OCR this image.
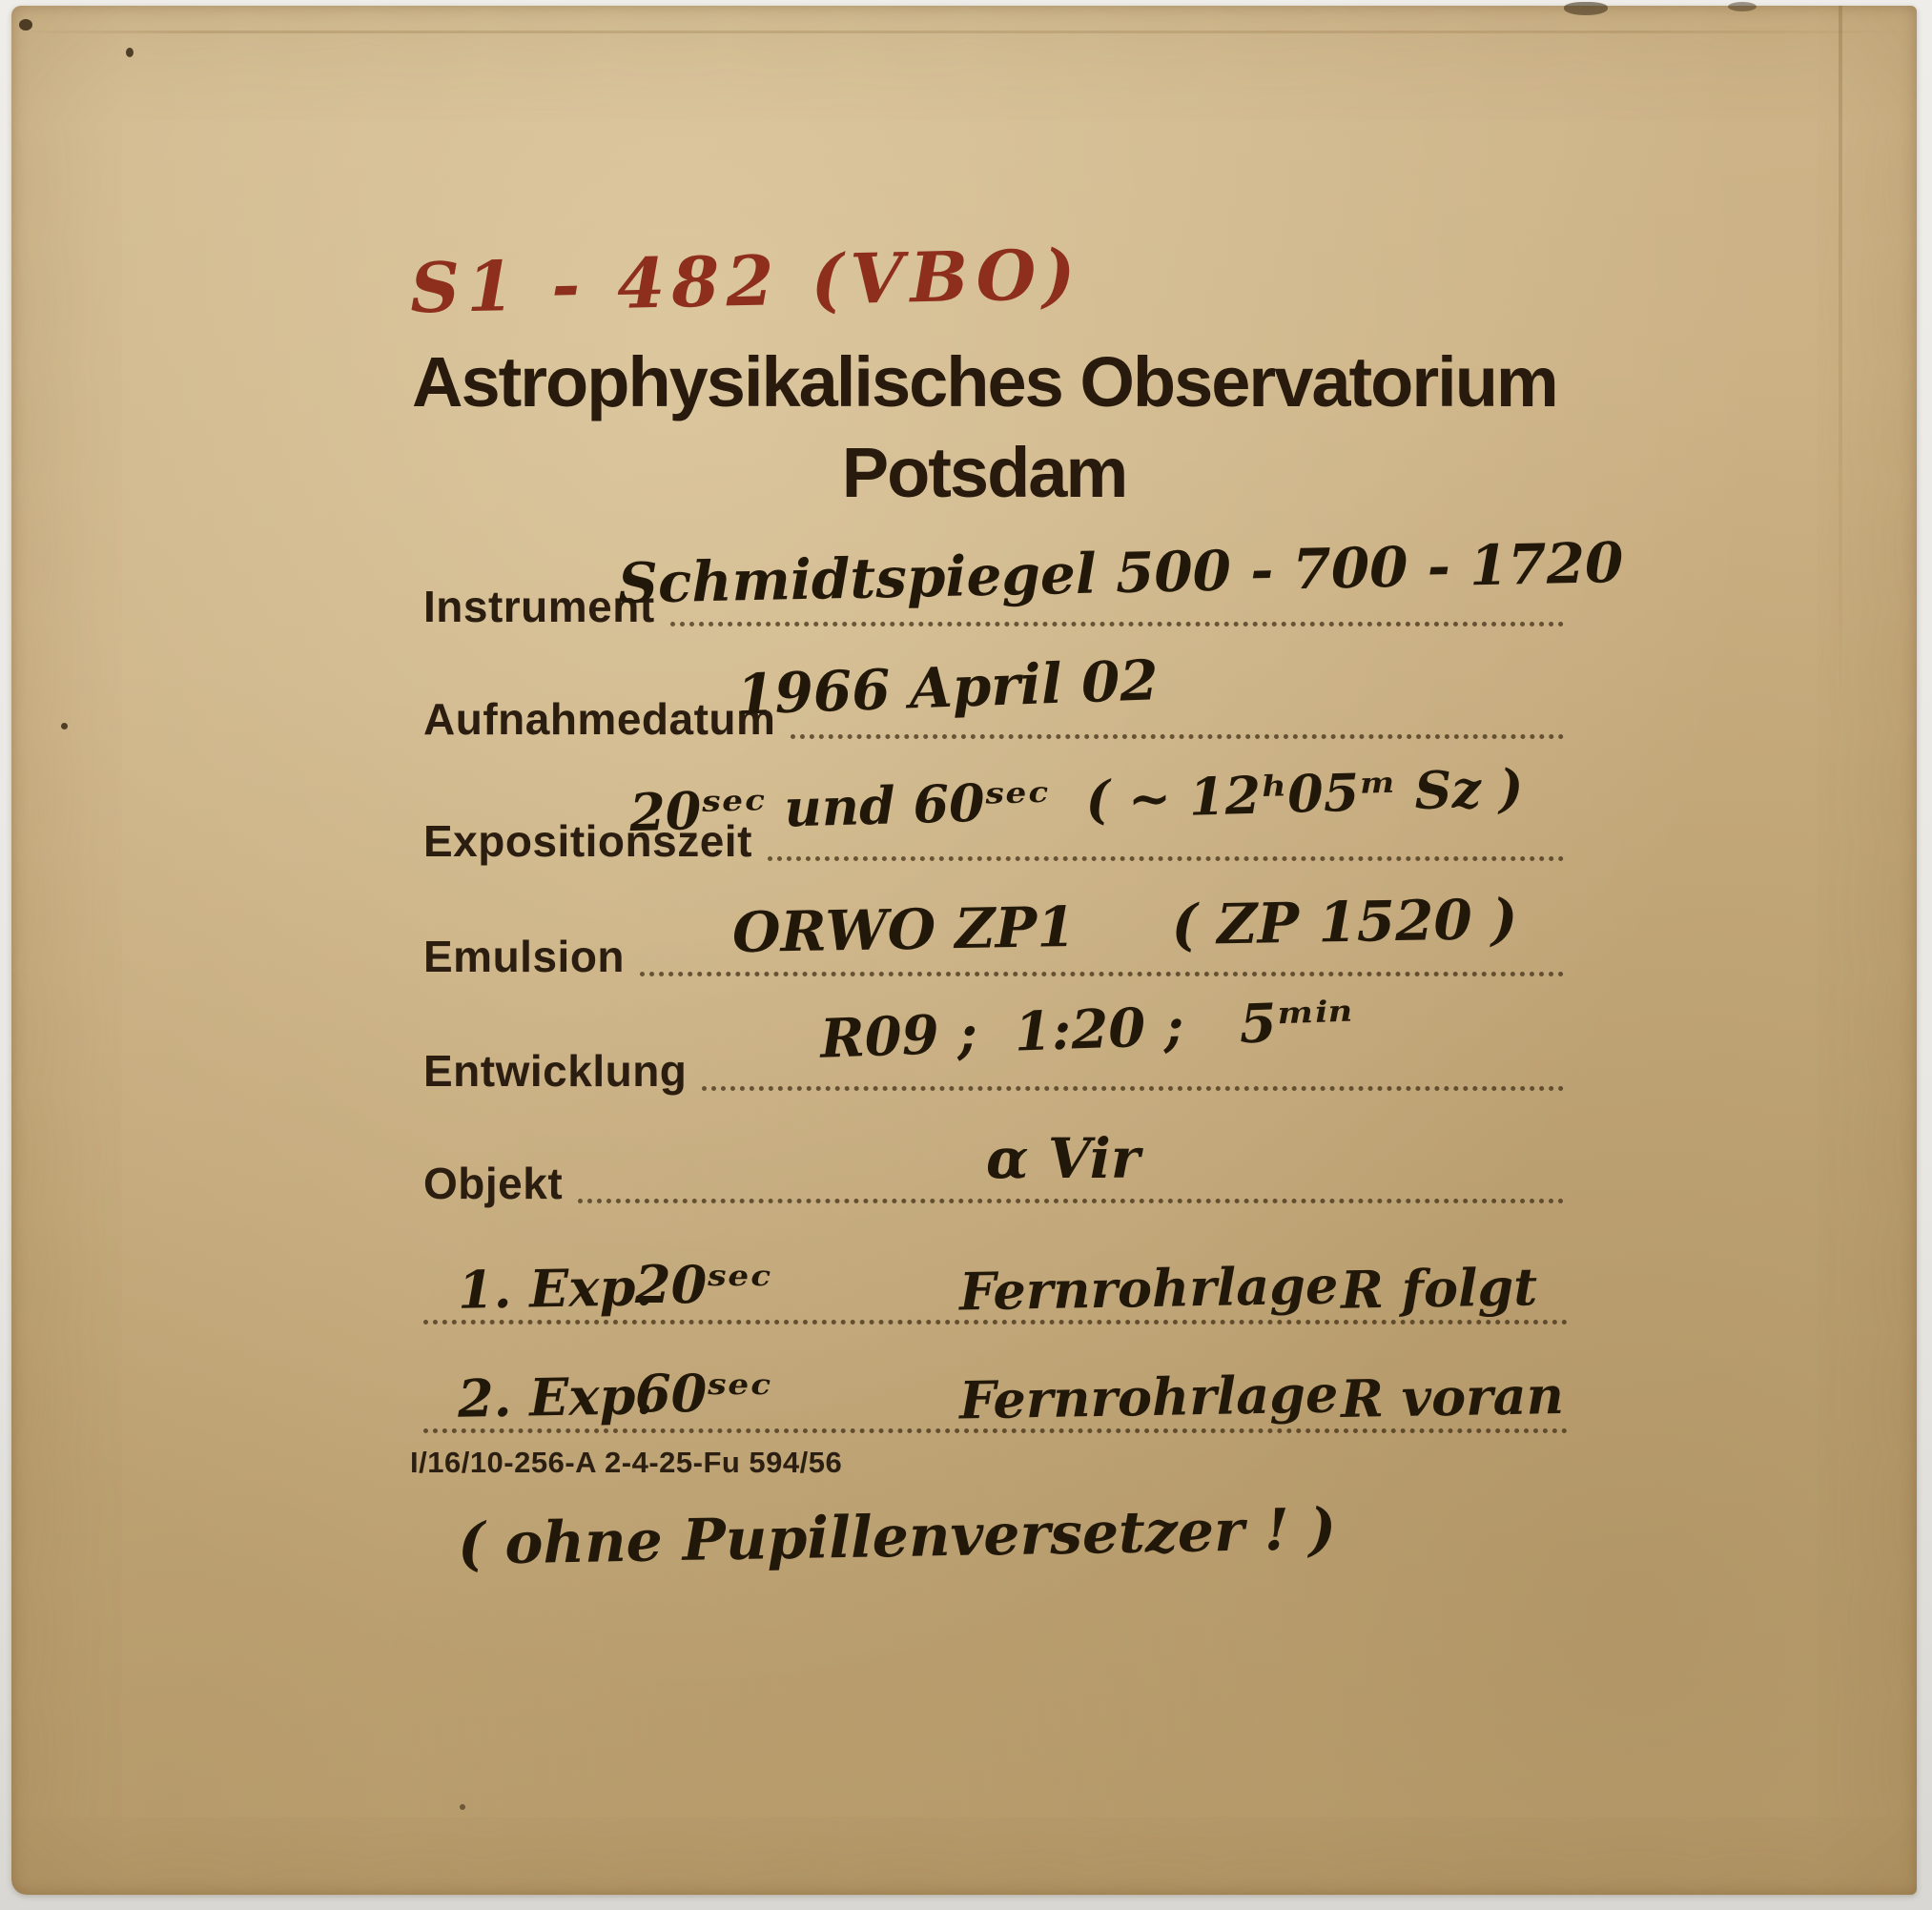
S1 - 482 (VBO)
Astrophysikalisches Observatorium
Potsdam
Instrument
Aufnahmedatum
Expositionszeit
Emulsion
Entwicklung
Objekt
Schmidtspiegel 500 - 700 - 1720
1966 April 02
20ˢᵉᶜ und 60ˢᵉᶜ  ( ~ 12ʰ05ᵐ Sz )
ORWO ZP1     ( ZP 1520 )
R09 ;  1:20 ;   5ᵐⁱⁿ
α Vir
1. Exp.
20ˢᵉᶜ	Fernrohrlage R folgt
2. Exp.
60ˢᵉᶜ	Fernrohrlage R voran
I/16/10-256-A 2-4-25-Fu 594/56
( ohne Pupillenversetzer ! )
